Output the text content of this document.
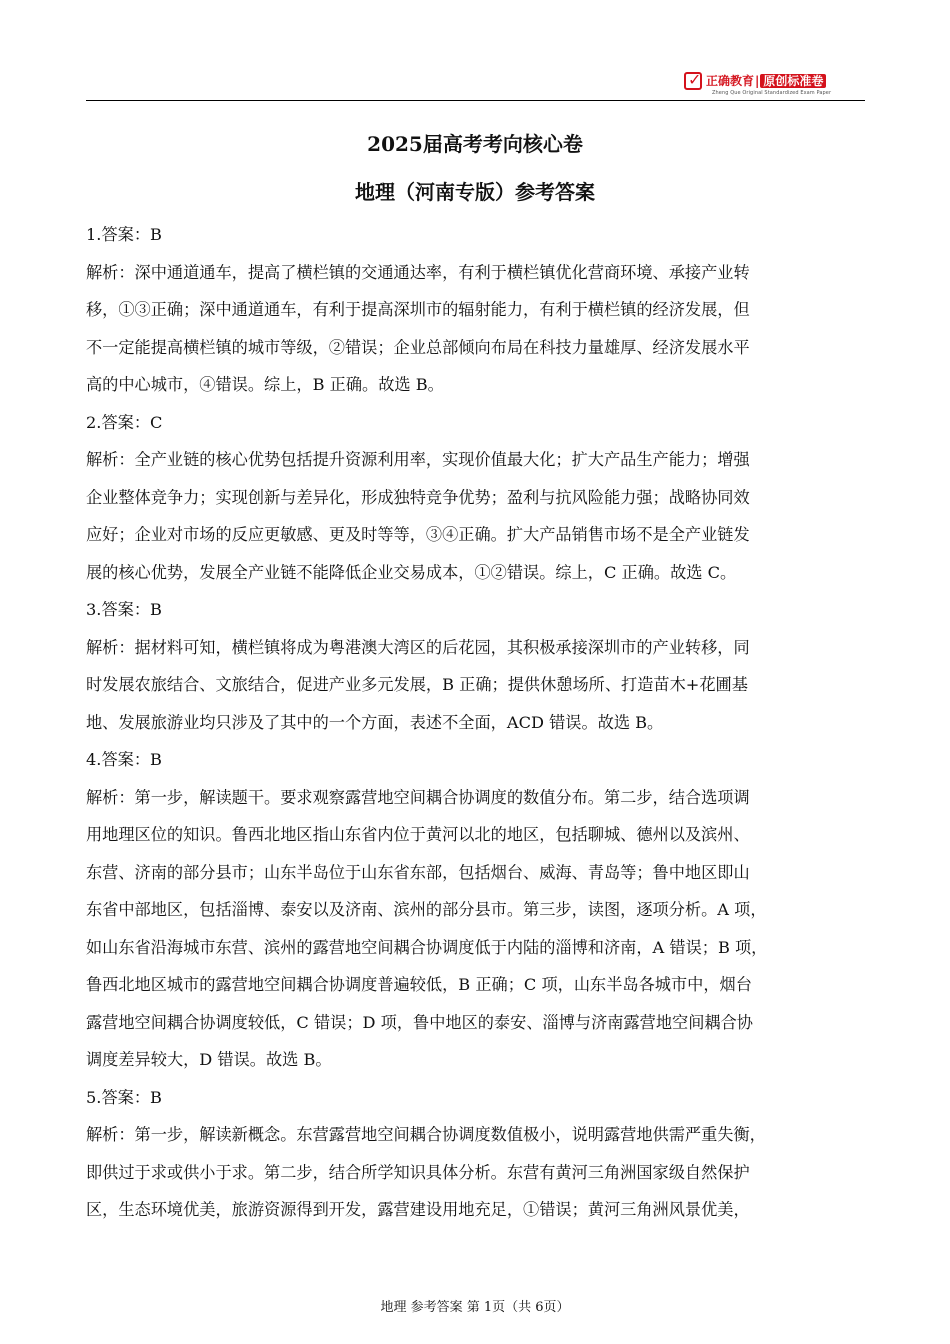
✓ 正确教育| 原创标准卷
Zheng Que Original Standardized Exam Paper
2025届高考考向核心卷
地理（河南专版）参考答案

1.答案：B

解析：深中通道通车，提高了横栏镇的交通通达率，有利于横栏镇优化营商环境、承接产业转

移，①③正确；深中通道通车，有利于提高深圳市的辐射能力，有利于横栏镇的经济发展，但

不一定能提高横栏镇的城市等级，②错误；企业总部倾向布局在科技力量雄厚、经济发展水平

高的中心城市，④错误。综上，B 正确。故选 B。

2.答案：C

解析：全产业链的核心优势包括提升资源利用率，实现价值最大化；扩大产品生产能力；增强

企业整体竞争力；实现创新与差异化，形成独特竞争优势；盈利与抗风险能力强；战略协同效

应好；企业对市场的反应更敏感、更及时等等，③④正确。扩大产品销售市场不是全产业链发

展的核心优势，发展全产业链不能降低企业交易成本，①②错误。综上，C 正确。故选 C。

3.答案：B

解析：据材料可知，横栏镇将成为粤港澳大湾区的后花园，其积极承接深圳市的产业转移，同

时发展农旅结合、文旅结合，促进产业多元发展，B 正确；提供休憩场所、打造苗木+花圃基

地、发展旅游业均只涉及了其中的一个方面，表述不全面，ACD 错误。故选 B。

4.答案：B

解析：第一步，解读题干。要求观察露营地空间耦合协调度的数值分布。第二步，结合选项调

用地理区位的知识。鲁西北地区指山东省内位于黄河以北的地区，包括聊城、德州以及滨州、

东营、济南的部分县市；山东半岛位于山东省东部，包括烟台、威海、青岛等；鲁中地区即山

东省中部地区，包括淄博、泰安以及济南、滨州的部分县市。第三步，读图，逐项分析。A 项，

如山东省沿海城市东营、滨州的露营地空间耦合协调度低于内陆的淄博和济南，A 错误；B 项，

鲁西北地区城市的露营地空间耦合协调度普遍较低，B 正确；C 项，山东半岛各城市中，烟台

露营地空间耦合协调度较低，C 错误；D 项，鲁中地区的泰安、淄博与济南露营地空间耦合协

调度差异较大，D 错误。故选 B。

5.答案：B

解析：第一步，解读新概念。东营露营地空间耦合协调度数值极小，说明露营地供需严重失衡，

即供过于求或供小于求。第二步，结合所学知识具体分析。东营有黄河三角洲国家级自然保护

区，生态环境优美，旅游资源得到开发，露营建设用地充足，①错误；黄河三角洲风景优美，

地理 参考答案 第 1页（共 6页）
